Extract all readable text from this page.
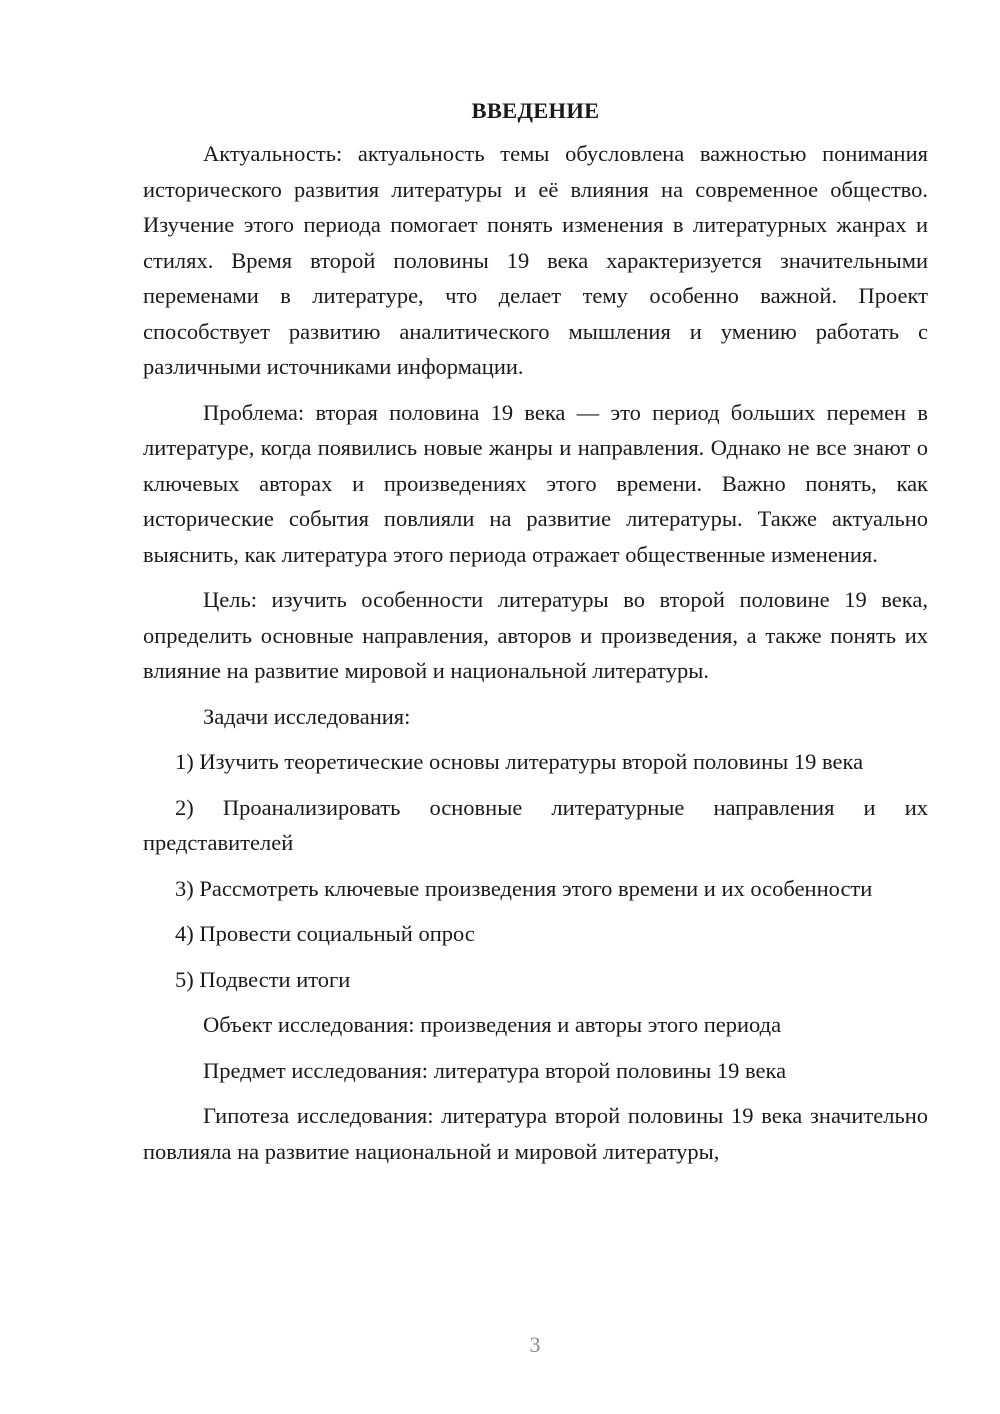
ВВЕДЕНИЕ

Актуальность: актуальность темы обусловлена важностью понимания исторического развития литературы и её влияния на современное общество. Изучение этого периода помогает понять изменения в литературных жанрах и стилях. Время второй половины 19 века характеризуется значительными переменами в литературе, что делает тему особенно важной. Проект способствует развитию аналитического мышления и умению работать с различными источниками информации.

Проблема: вторая половина 19 века — это период больших перемен в литературе, когда появились новые жанры и направления. Однако не все знают о ключевых авторах и произведениях этого времени. Важно понять, как исторические события повлияли на развитие литературы. Также актуально выяснить, как литература этого периода отражает общественные изменения.

Цель: изучить особенности литературы во второй половине 19 века, определить основные направления, авторов и произведения, а также понять их влияние на развитие мировой и национальной литературы.

Задачи исследования:

1) Изучить теоретические основы литературы второй половины 19 века

2) Проанализировать основные литературные направления и их представителей

3) Рассмотреть ключевые произведения этого времени и их особенности

4) Провести социальный опрос

5) Подвести итоги

Объект исследования: произведения и авторы этого периода

Предмет исследования: литература второй половины 19 века

Гипотеза исследования: литература второй половины 19 века значительно повлияла на развитие национальной и мировой литературы,

3
